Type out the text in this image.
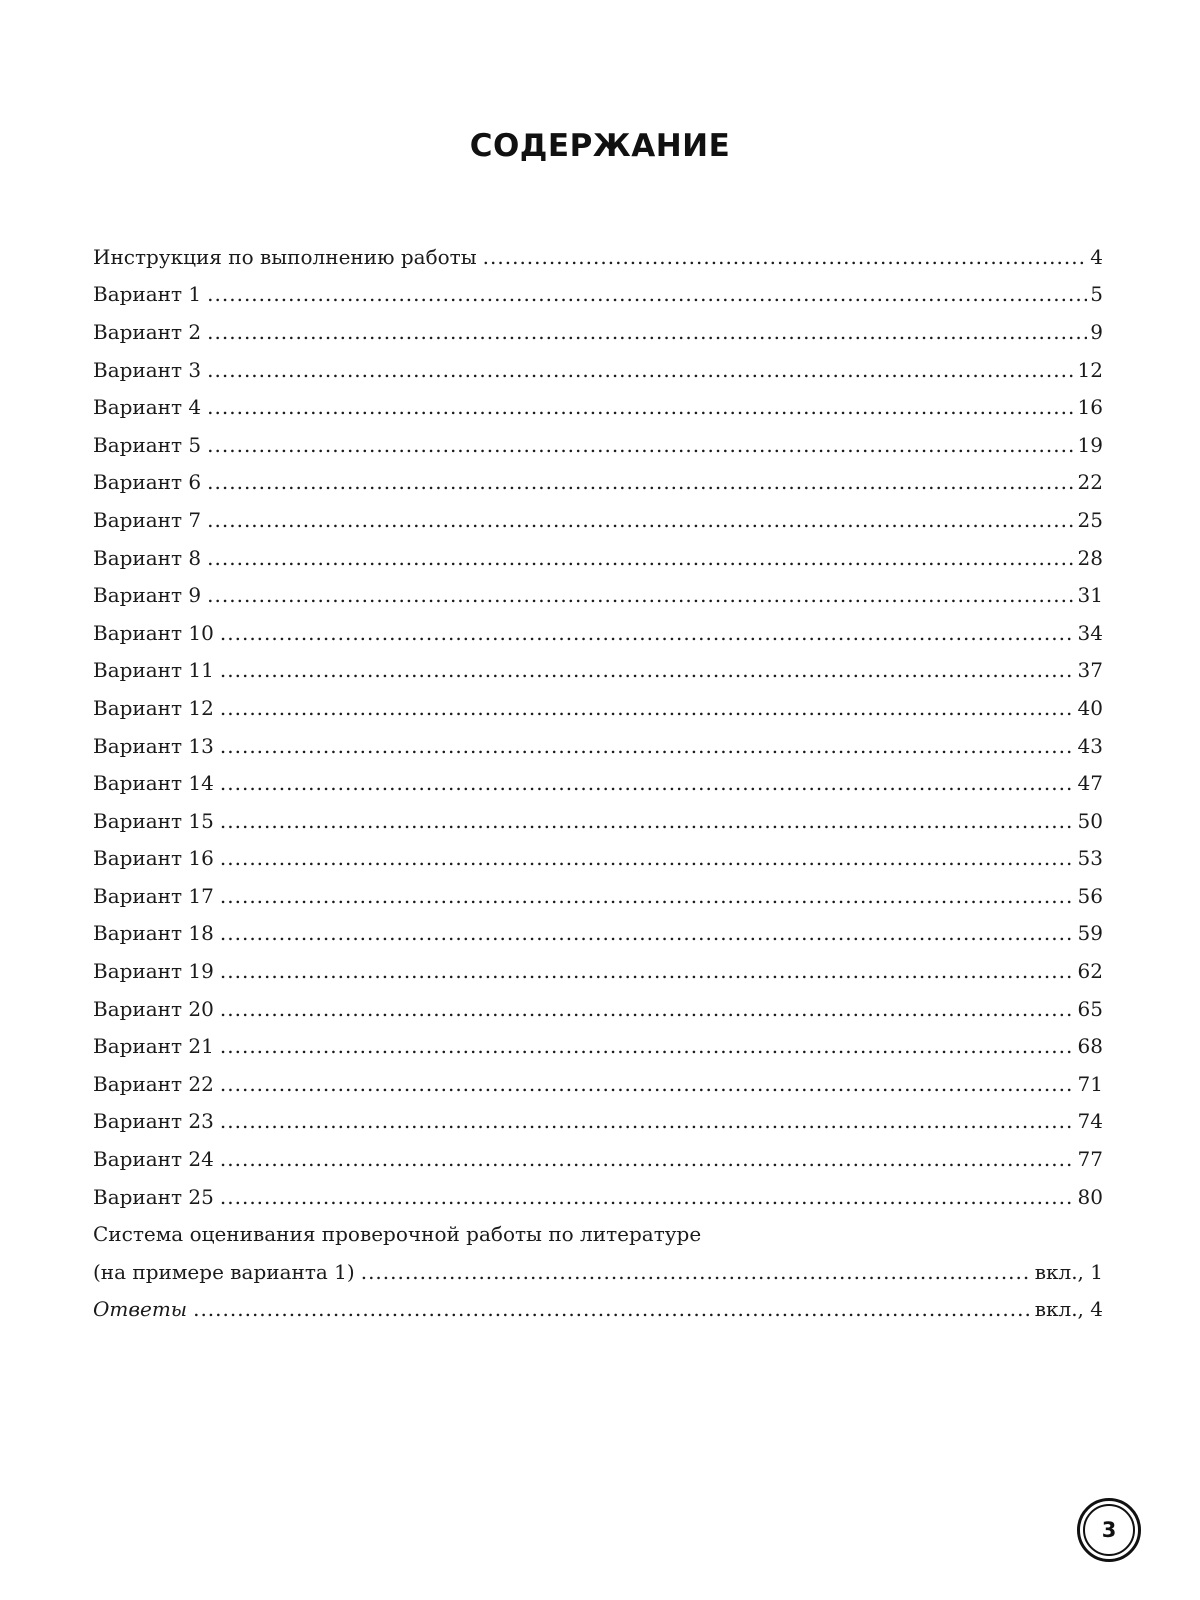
СОДЕРЖАНИЕ
Инструкция по выполнению работы .....	4
Вариант 1 .....	5
Вариант 2 .....	9
Вариант 3 .....	12
Вариант 4 .....	16
Вариант 5 .....	19
Вариант 6 .....	22
Вариант 7 .....	25
Вариант 8 .....	28
Вариант 9 .....	31
Вариант 10 .....	34
Вариант 11 .....	37
Вариант 12 .....	40
Вариант 13 .....	43
Вариант 14 .....	47
Вариант 15 .....	50
Вариант 16 .....	53
Вариант 17 .....	56
Вариант 18 .....	59
Вариант 19 .....	62
Вариант 20 .....	65
Вариант 21 .....	68
Вариант 22 .....	71
Вариант 23 .....	74
Вариант 24 .....	77
Вариант 25 .....	80
Система оценивания проверочной работы по литературе
(на примере варианта 1) .....	вкл., 1
Ответы .....	вкл., 4
3
